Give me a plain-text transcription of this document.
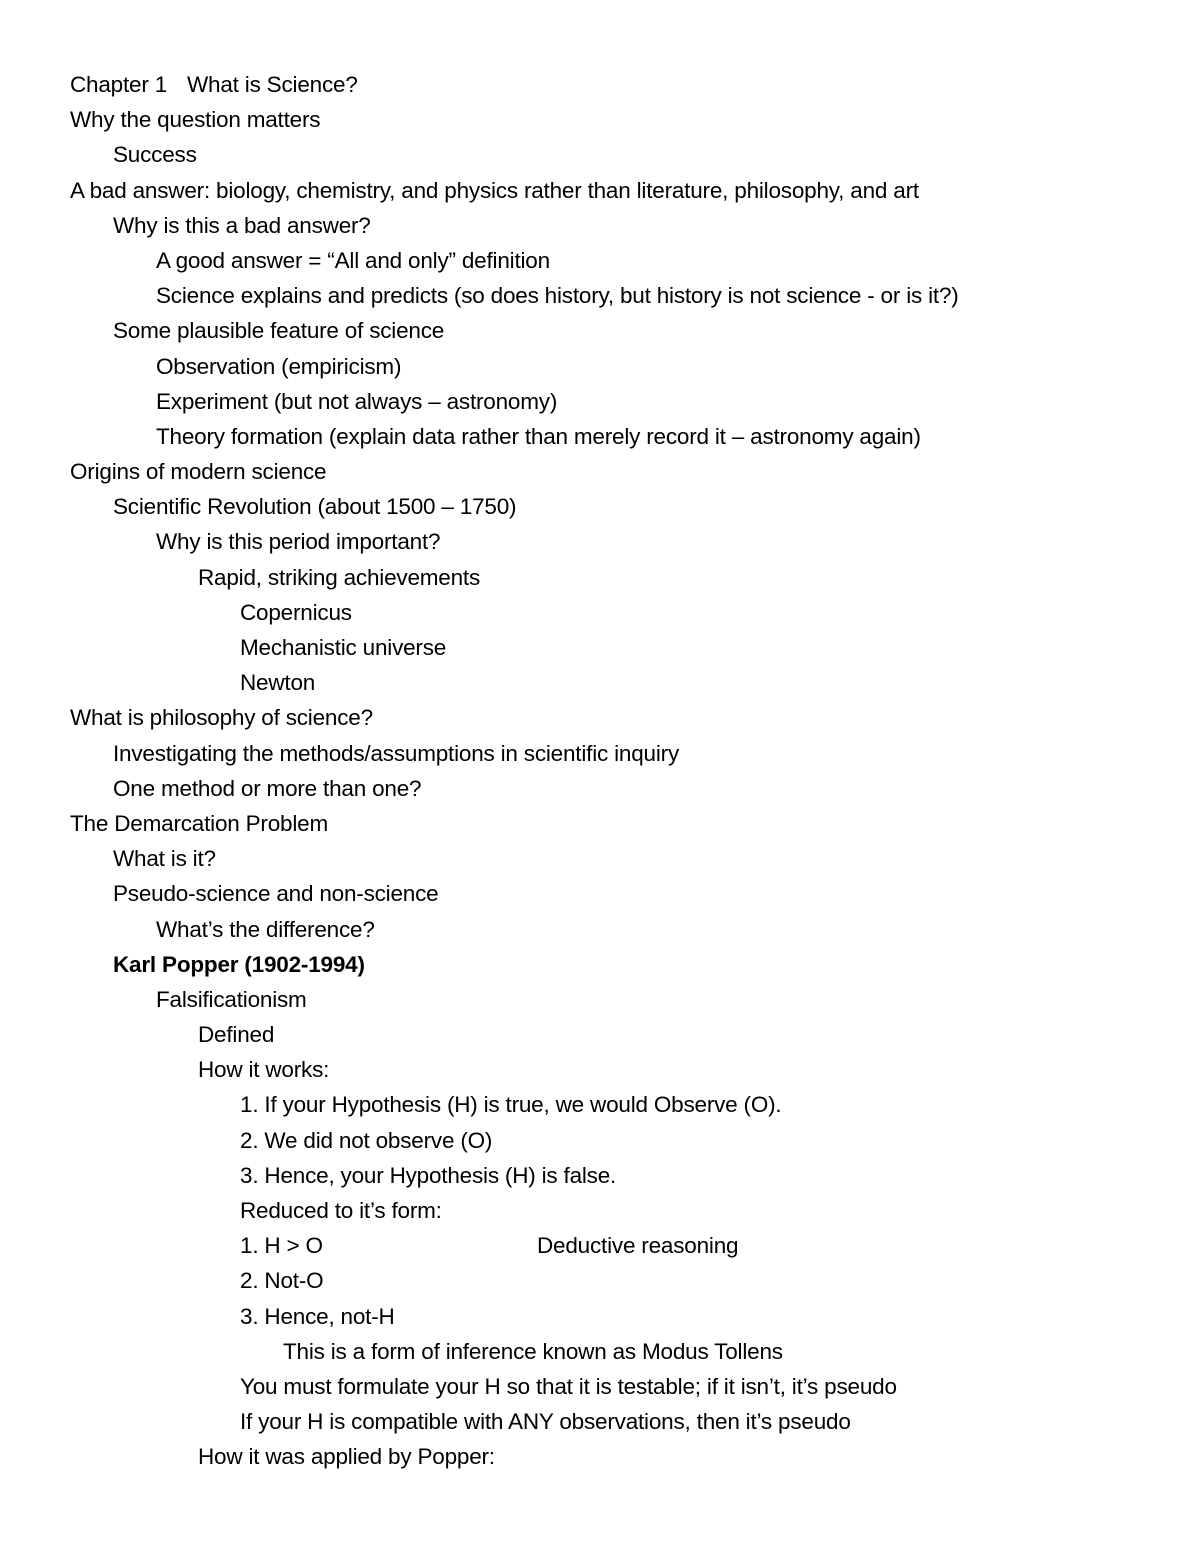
Chapter 1 What is Science?
Why the question matters
Success
A bad answer: biology, chemistry, and physics rather than literature, philosophy, and art
Why is this a bad answer?
A good answer = “All and only” definition
Science explains and predicts (so does history, but history is not science - or is it?)
Some plausible feature of science
Observation (empiricism)
Experiment (but not always – astronomy)
Theory formation (explain data rather than merely record it – astronomy again)
Origins of modern science
Scientific Revolution (about 1500 – 1750)
Why is this period important?
Rapid, striking achievements
Copernicus
Mechanistic universe
Newton
What is philosophy of science?
Investigating the methods/assumptions in scientific inquiry
One method or more than one?
The Demarcation Problem
What is it?
Pseudo-science and non-science
What’s the difference?
Karl Popper (1902-1994)
Falsificationism
Defined
How it works:
1. If your Hypothesis (H) is true, we would Observe (O).
2. We did not observe (O)
3. Hence, your Hypothesis (H) is false.
Reduced to it’s form:
1. H > O	Deductive reasoning
2. Not-O
3. Hence, not-H
This is a form of inference known as Modus Tollens
You must formulate your H so that it is testable; if it isn’t, it’s pseudo
If your H is compatible with ANY observations, then it’s pseudo
How it was applied by Popper:
